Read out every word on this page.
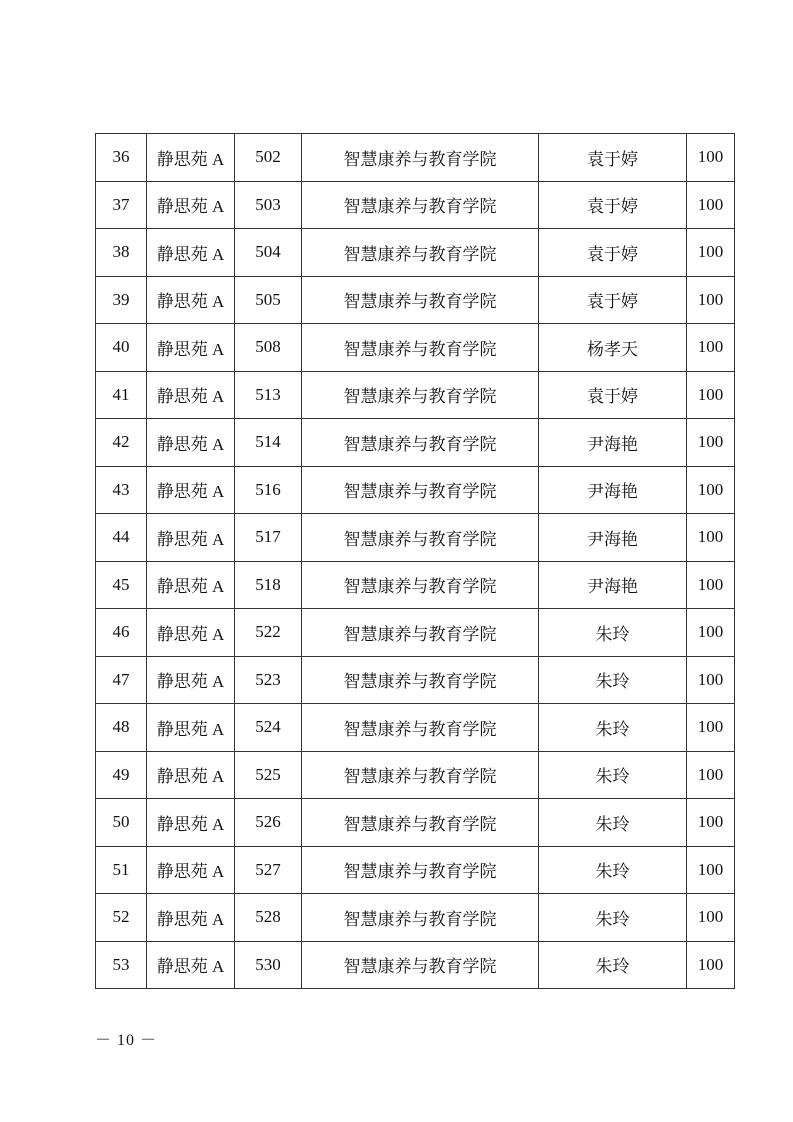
36	静思苑 A	502	智慧康养与教育学院	袁于婷	100
37	静思苑 A	503	智慧康养与教育学院	袁于婷	100
38	静思苑 A	504	智慧康养与教育学院	袁于婷	100
39	静思苑 A	505	智慧康养与教育学院	袁于婷	100
40	静思苑 A	508	智慧康养与教育学院	杨孝天	100
41	静思苑 A	513	智慧康养与教育学院	袁于婷	100
42	静思苑 A	514	智慧康养与教育学院	尹海艳	100
43	静思苑 A	516	智慧康养与教育学院	尹海艳	100
44	静思苑 A	517	智慧康养与教育学院	尹海艳	100
45	静思苑 A	518	智慧康养与教育学院	尹海艳	100
46	静思苑 A	522	智慧康养与教育学院	朱玲	100
47	静思苑 A	523	智慧康养与教育学院	朱玲	100
48	静思苑 A	524	智慧康养与教育学院	朱玲	100
49	静思苑 A	525	智慧康养与教育学院	朱玲	100
50	静思苑 A	526	智慧康养与教育学院	朱玲	100
51	静思苑 A	527	智慧康养与教育学院	朱玲	100
52	静思苑 A	528	智慧康养与教育学院	朱玲	100
53	静思苑 A	530	智慧康养与教育学院	朱玲	100
－ 10 －
